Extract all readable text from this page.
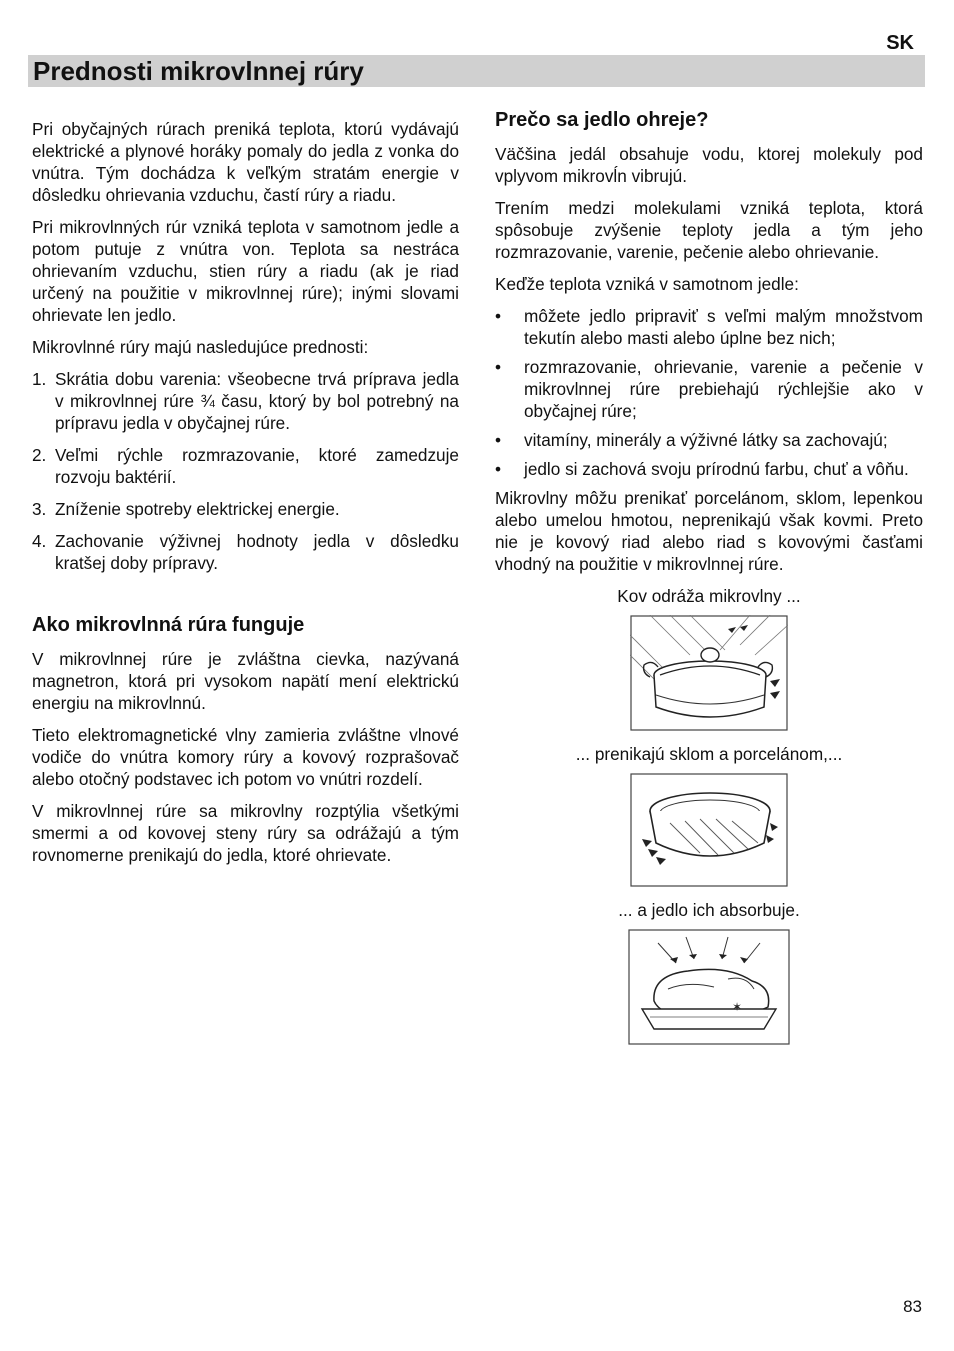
SK
Prednosti mikrovlnnej rúry

Pri obyčajných rúrach preniká teplota, ktorú vydávajú elektrické a plynové horáky pomaly do jedla z vonka do vnútra. Tým dochádza k veľkým stratám energie v dôsledku ohrievania vzduchu, častí rúry a riadu.

Pri mikrovlnných rúr vzniká teplota v samotnom jedle a potom putuje z vnútra von. Teplota sa nestráca ohrievaním vzduchu, stien rúry a riadu (ak je riad určený na použitie v mikrovlnnej rúre); inými slovami ohrievate len jedlo.

Mikrovlnné rúry majú nasledujúce prednosti:

1. Skrátia dobu varenia: všeobecne trvá príprava jedla v mikrovlnnej rúre ¾ času, ktorý by bol potrebný na prípravu jedla v obyčajnej rúre.
2. Veľmi rýchle rozmrazovanie, ktoré zamedzuje rozvoju baktérií.
3. Zníženie spotreby elektrickej energie.
4. Zachovanie výživnej hodnoty jedla v dôsledku kratšej doby prípravy.
Ako mikrovlnná rúra funguje

V mikrovlnnej rúre je zvláštna cievka, nazývaná magnetron, ktorá pri vysokom napätí mení elektrickú energiu na mikrovlnnú.

Tieto elektromagnetické vlny zamieria zvláštne vlnové vodiče do vnútra komory rúry a kovový rozprašovač alebo otočný podstavec ich potom vo vnútri rozdelí.

V mikrovlnnej rúre sa mikrovlny rozptýlia všetkými smermi a od kovovej steny rúry sa odrážajú a tým rovnomerne prenikajú do jedla, ktoré ohrievate.

Prečo sa jedlo ohreje?

Väčšina jedál obsahuje vodu, ktorej molekuly pod vplyvom mikrovĺn vibrujú.

Trením medzi molekulami vzniká teplota, ktorá spôsobuje zvýšenie teploty jedla a tým jeho rozmrazovanie, varenie, pečenie alebo ohrievanie.

Keďže teplota vzniká v samotnom jedle:

• môžete jedlo pripraviť s veľmi malým množstvom tekutín alebo masti alebo úplne bez nich;
• rozmrazovanie, ohrievanie, varenie a pečenie v mikrovlnnej rúre prebiehajú rýchlejšie ako v obyčajnej rúre;
• vitamíny, minerály a výživné látky sa zachovajú;
• jedlo si zachová svoju prírodnú farbu, chuť a vôňu.

Mikrovlny môžu prenikať porcelánom, sklom, lepenkou alebo umelou hmotou, neprenikajú však kovmi. Preto nie je kovový riad alebo riad s kovovými časťami vhodný na použitie v mikrovlnnej rúre.

Kov odráža mikrovlny ...

... prenikajú sklom a porcelánom,...

... a jedlo ich absorbuje.

✶
83
